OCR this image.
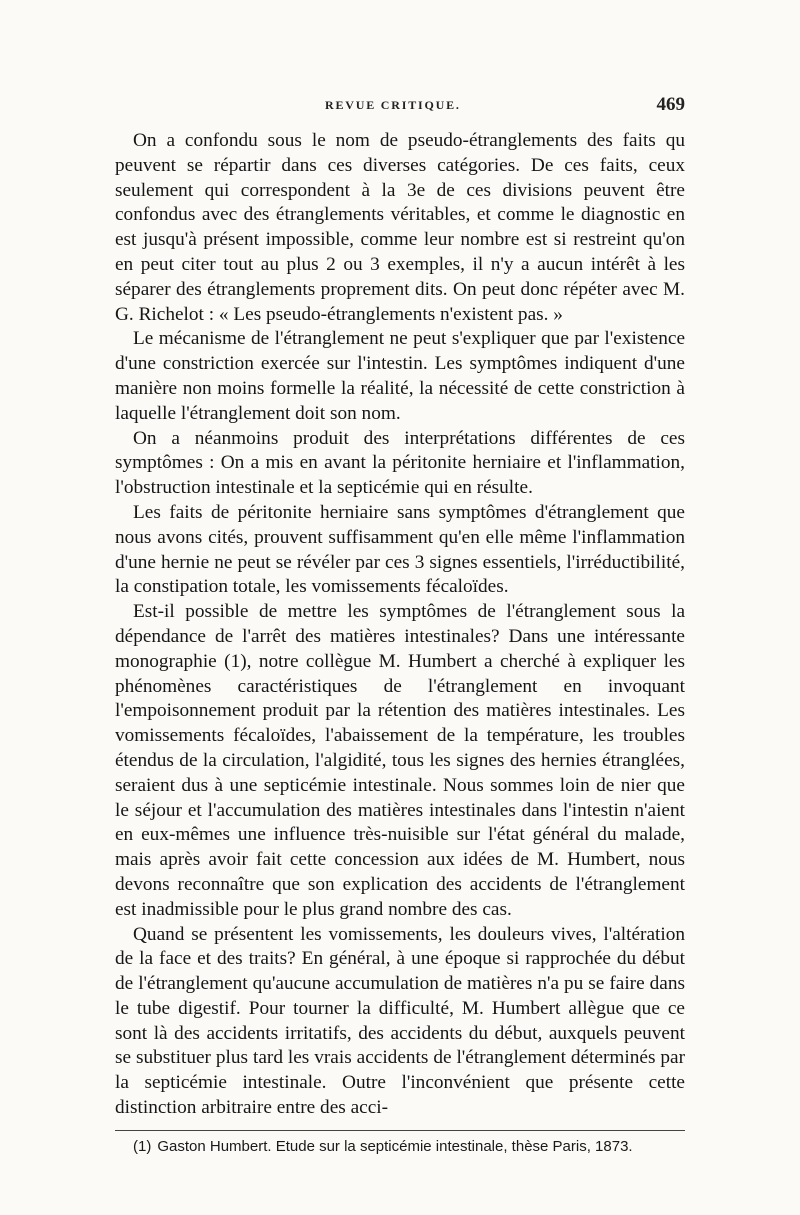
REVUE CRITIQUE.	469

On a confondu sous le nom de pseudo-étranglements des faits qu peuvent se répartir dans ces diverses catégories. De ces faits, ceux seulement qui correspondent à la 3e de ces divisions peuvent être confondus avec des étranglements véritables, et comme le diagnostic en est jusqu'à présent impossible, comme leur nombre est si restreint qu'on en peut citer tout au plus 2 ou 3 exemples, il n'y a aucun intérêt à les séparer des étranglements proprement dits. On peut donc répéter avec M. G. Richelot : « Les pseudo-étranglements n'existent pas. »

Le mécanisme de l'étranglement ne peut s'expliquer que par l'existence d'une constriction exercée sur l'intestin. Les symptômes indiquent d'une manière non moins formelle la réalité, la nécessité de cette constriction à laquelle l'étranglement doit son nom.

On a néanmoins produit des interprétations différentes de ces symptômes : On a mis en avant la péritonite herniaire et l'inflammation, l'obstruction intestinale et la septicémie qui en résulte.

Les faits de péritonite herniaire sans symptômes d'étranglement que nous avons cités, prouvent suffisamment qu'en elle même l'inflammation d'une hernie ne peut se révéler par ces 3 signes essentiels, l'irréductibilité, la constipation totale, les vomissements fécaloïdes.

Est-il possible de mettre les symptômes de l'étranglement sous la dépendance de l'arrêt des matières intestinales? Dans une intéressante monographie (1), notre collègue M. Humbert a cherché à expliquer les phénomènes caractéristiques de l'étranglement en invoquant l'empoisonnement produit par la rétention des matières intestinales. Les vomissements fécaloïdes, l'abaissement de la température, les troubles étendus de la circulation, l'algidité, tous les signes des hernies étranglées, seraient dus à une septicémie intestinale. Nous sommes loin de nier que le séjour et l'accumulation des matières intestinales dans l'intestin n'aient en eux-mêmes une influence très-nuisible sur l'état général du malade, mais après avoir fait cette concession aux idées de M. Humbert, nous devons reconnaître que son explication des accidents de l'étranglement est inadmissible pour le plus grand nombre des cas.

Quand se présentent les vomissements, les douleurs vives, l'altération de la face et des traits? En général, à une époque si rapprochée du début de l'étranglement qu'aucune accumulation de matières n'a pu se faire dans le tube digestif. Pour tourner la difficulté, M. Humbert allègue que ce sont là des accidents irritatifs, des accidents du début, auxquels peuvent se substituer plus tard les vrais accidents de l'étranglement déterminés par la septicémie intestinale. Outre l'inconvénient que présente cette distinction arbitraire entre des acci-

(1) Gaston Humbert. Etude sur la septicémie intestinale, thèse Paris, 1873.
